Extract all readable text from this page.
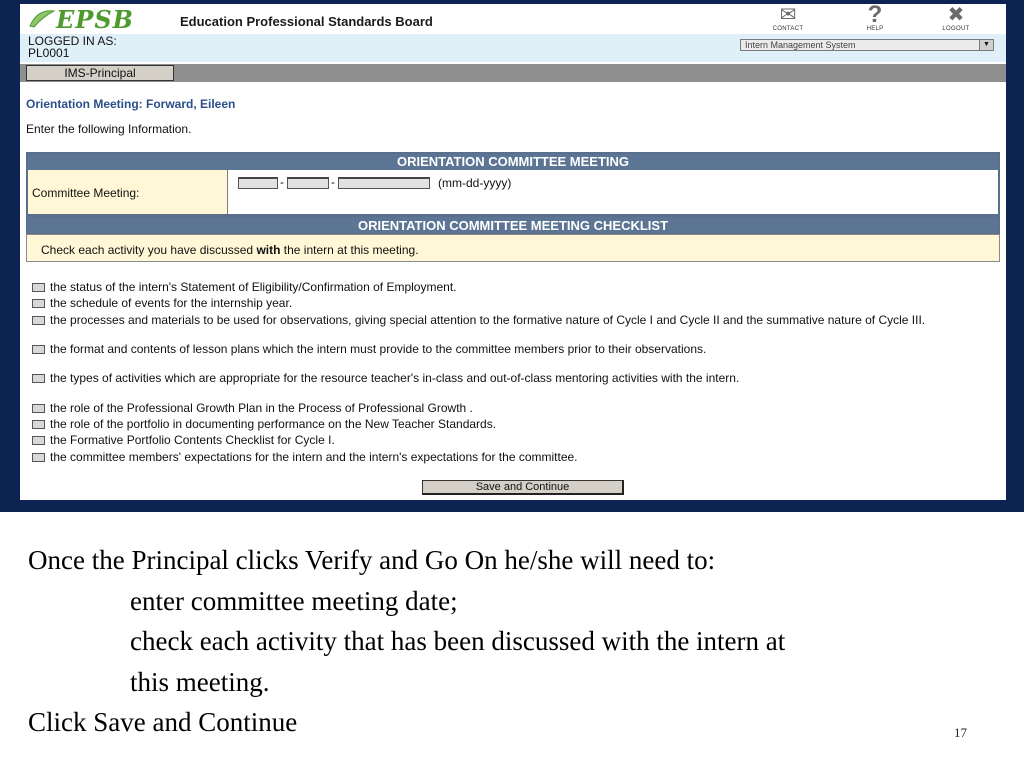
EPSB	Education Professional Standards Board	✉
CONTACT
?
HELP
✖
LOGOUT
LOGGED IN AS:
PL0001
Intern Management System	▼
IMS-Principal
Orientation Meeting: Forward, Eileen
Enter the following Information.
ORIENTATION COMMITTEE MEETING
Committee Meeting:
-	-	(mm-dd-yyyy)
ORIENTATION COMMITTEE MEETING CHECKLIST
Check each activity you have discussed with the intern at this meeting.
the status of the intern's Statement of Eligibility/Confirmation of Employment.
the schedule of events for the internship year.
the processes and materials to be used for observations, giving special attention to the formative nature of Cycle I and Cycle II and the summative nature of Cycle III.
the format and contents of lesson plans which the intern must provide to the committee members prior to their observations.
the types of activities which are appropriate for the resource teacher's in-class and out-of-class mentoring activities with the intern.
the role of the Professional Growth Plan in the Process of Professional Growth .
the role of the portfolio in documenting performance on the New Teacher Standards.
the Formative Portfolio Contents Checklist for Cycle I.
the committee members' expectations for the intern and the intern's expectations for the committee.
Save and Continue
Once the Principal clicks Verify and Go On he/she will need to:
enter committee meeting date;
check each activity that has been discussed with the intern at
this meeting.
Click Save and Continue	17
